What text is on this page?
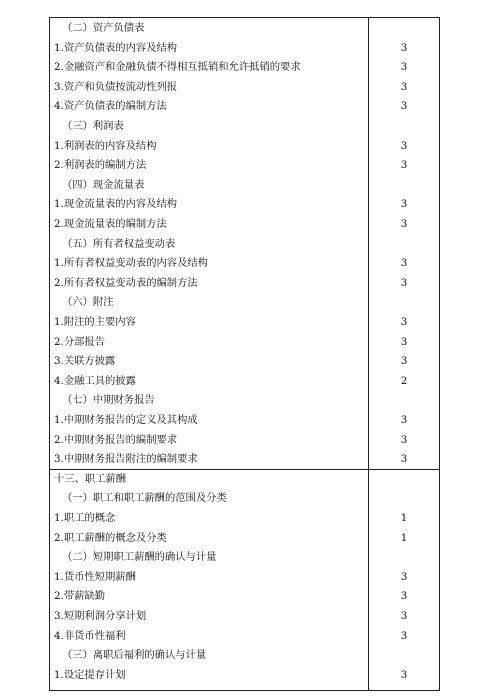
（二）资产负债表
1.资产负债表的内容及结构	3
2.金融资产和金融负债不得相互抵销和允许抵销的要求	3
3.资产和负债按流动性列报	3
4.资产负债表的编制方法	3
（三）利润表
1.利润表的内容及结构	3
2.利润表的编制方法	3
（四）现金流量表
1.现金流量表的内容及结构	3
2.现金流量表的编制方法	3
（五）所有者权益变动表
1.所有者权益变动表的内容及结构	3
2.所有者权益变动表的编制方法	3
（六）附注
1.附注的主要内容	3
2.分部报告	3
3.关联方披露	3
4.金融工具的披露	2
（七）中期财务报告
1.中期财务报告的定义及其构成	3
2.中期财务报告的编制要求	3
3.中期财务报告附注的编制要求	3
十三、职工薪酬
（一）职工和职工薪酬的范围及分类
1.职工的概念	1
2.职工薪酬的概念及分类	1
（二）短期职工薪酬的确认与计量
1.货币性短期薪酬	3
2.带薪缺勤	3
3.短期利润分享计划	3
4.非货币性福利	3
（三）离职后福利的确认与计量
1.设定提存计划	3
